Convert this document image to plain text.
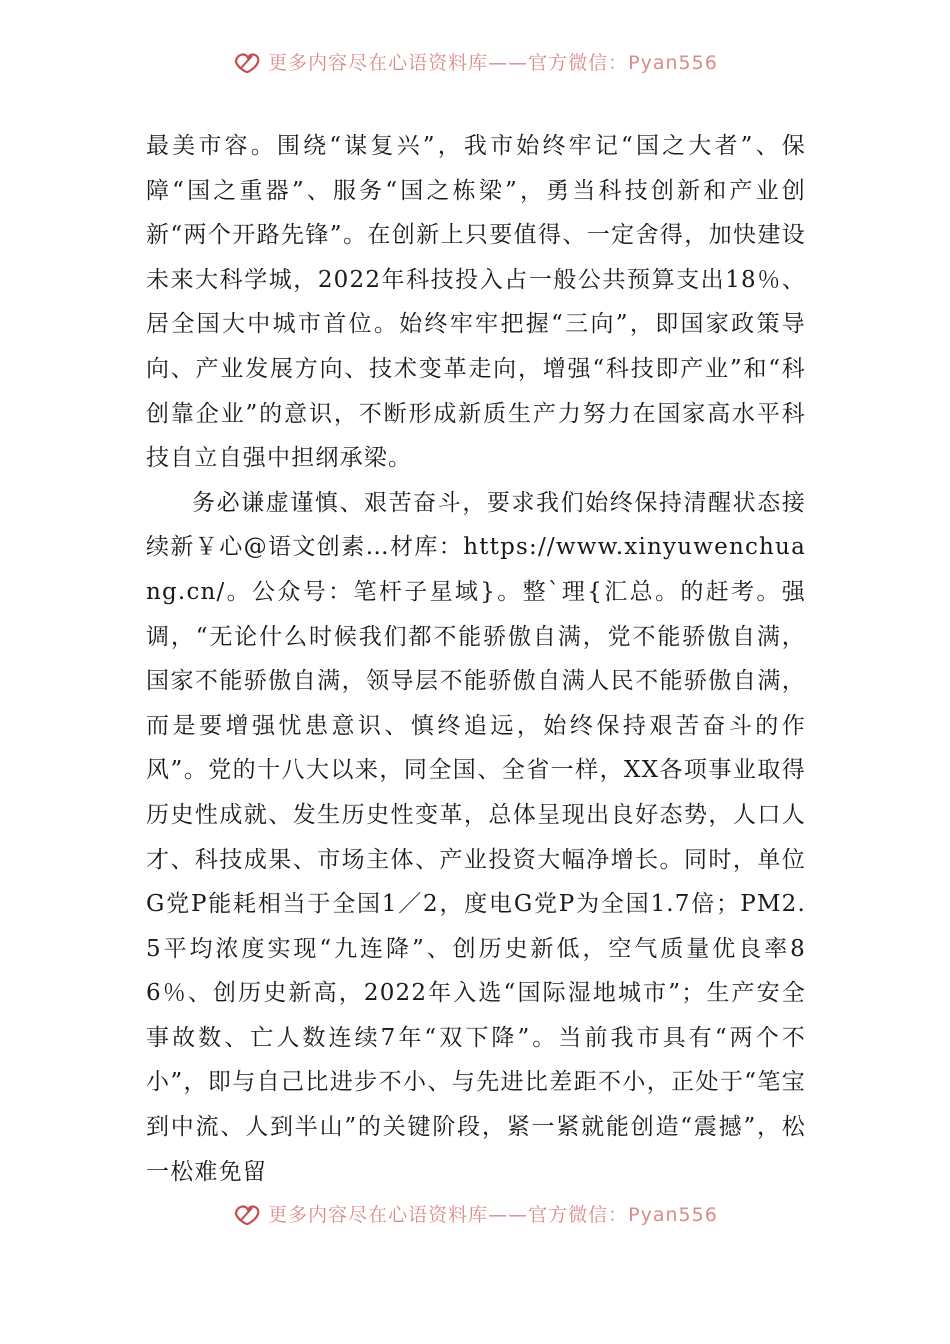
更多内容尽在心语资料库——官方微信：Pyan556

最美市容。围绕“谋复兴”，我市始终牢记“国之大者”、保障“国之重器”、服务“国之栋梁”，勇当科技创新和产业创新“两个开路先锋”。在创新上只要值得、一定舍得，加快建设未来大科学城，2022年科技投入占一般公共预算支出18％、居全国大中城市首位。始终牢牢把握“三向”，即国家政策导向、产业发展方向、技术变革走向，增强“科技即产业”和“科创靠企业”的意识，不断形成新质生产力努力在国家高水平科技自立自强中担纲承梁。

务必谦虚谨慎、艰苦奋斗，要求我们始终保持清醒状态接续新￥心@语文创素…材库：https://www.xinyuwenchuang.cn/。公众号：笔杆子星域}。整`理{汇总。的赶考。强调，“无论什么时候我们都不能骄傲自满，党不能骄傲自满，国家不能骄傲自满，领导层不能骄傲自满人民不能骄傲自满，而是要增强忧患意识、慎终追远，始终保持艰苦奋斗的作风”。党的十八大以来，同全国、全省一样，XX各项事业取得历史性成就、发生历史性变革，总体呈现出良好态势，人口人才、科技成果、市场主体、产业投资大幅净增长。同时，单位G党P能耗相当于全国1／2，度电G党P为全国1.7倍；PM2.5平均浓度实现“九连降”、创历史新低，空气质量优良率86％、创历史新高，2022年入选“国际湿地城市”；生产安全事故数、亡人数连续7年“双下降”。当前我市具有“两个不小”，即与自己比进步不小、与先进比差距不小，正处于“笔宝到中流、人到半山”的关键阶段，紧一紧就能创造“震撼”，松一松难免留

更多内容尽在心语资料库——官方微信：Pyan556
